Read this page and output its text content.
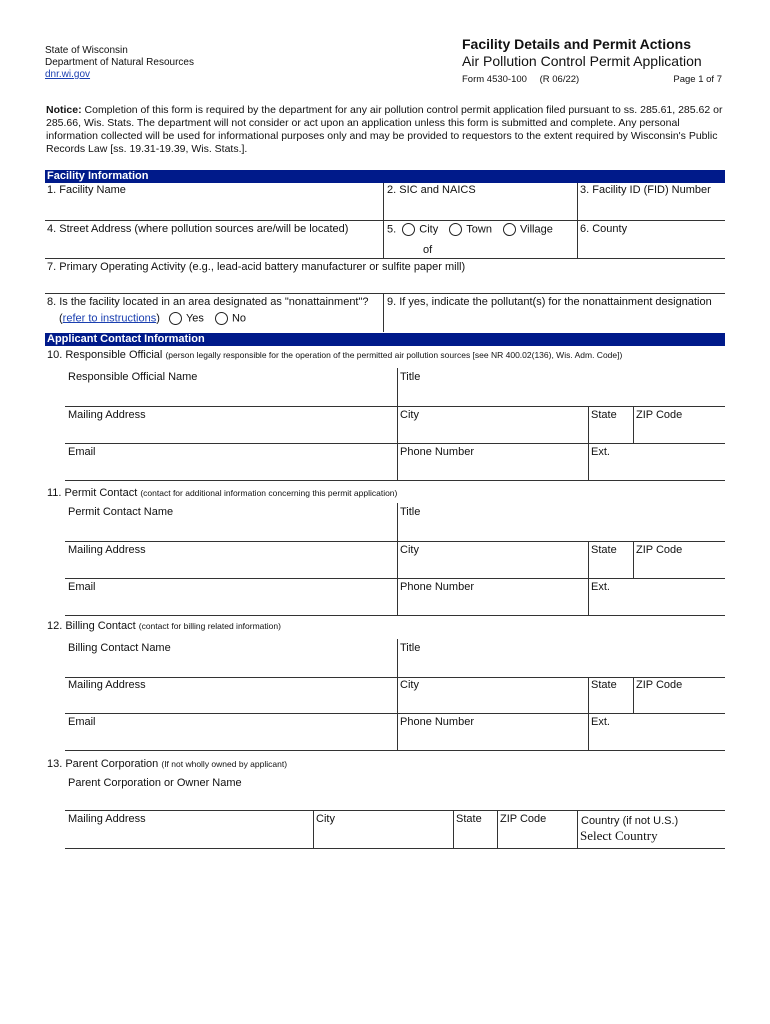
State of Wisconsin
Department of Natural Resources
dnr.wi.gov
Facility Details and Permit Actions
Air Pollution Control Permit Application
Form 4530-100 (R 06/22)	Page 1 of 7
Notice: Completion of this form is required by the department for any air pollution control permit application filed pursuant to ss. 285.61, 285.62 or 285.66, Wis. Stats. The department will not consider or act upon an application unless this form is submitted and complete. Any personal information collected will be used for informational purposes only and may be provided to requestors to the extent required by Wisconsin's Public Records Law [ss. 19.31-19.39, Wis. Stats.].
Facility Information
1. Facility Name	2. SIC and NAICS	3. Facility ID (FID) Number
4. Street Address (where pollution sources are/will be located)	5. City	Town	Village
of
6. County
7. Primary Operating Activity (e.g., lead-acid battery manufacturer or sulfite paper mill)
8. Is the facility located in an area designated as "nonattainment"?
(refer to instructions) Yes	No
9. If yes, indicate the pollutant(s) for the nonattainment designation
Applicant Contact Information
10. Responsible Official (person legally responsible for the operation of the permitted air pollution sources [see NR 400.02(136), Wis. Adm. Code])
Responsible Official Name	Title
Mailing Address	City	State ZIP Code
Email	Phone Number	Ext.
11. Permit Contact (contact for additional information concerning this permit application)
Permit Contact Name	Title
Mailing Address	City	State ZIP Code
Email	Phone Number	Ext.
12. Billing Contact (contact for billing related information)
Billing Contact Name	Title
Mailing Address	City	State ZIP Code
Email	Phone Number	Ext.
13. Parent Corporation (If not wholly owned by applicant)
Parent Corporation or Owner Name
Mailing Address	City	State ZIP Code	Country (if not U.S.)
Select Country
